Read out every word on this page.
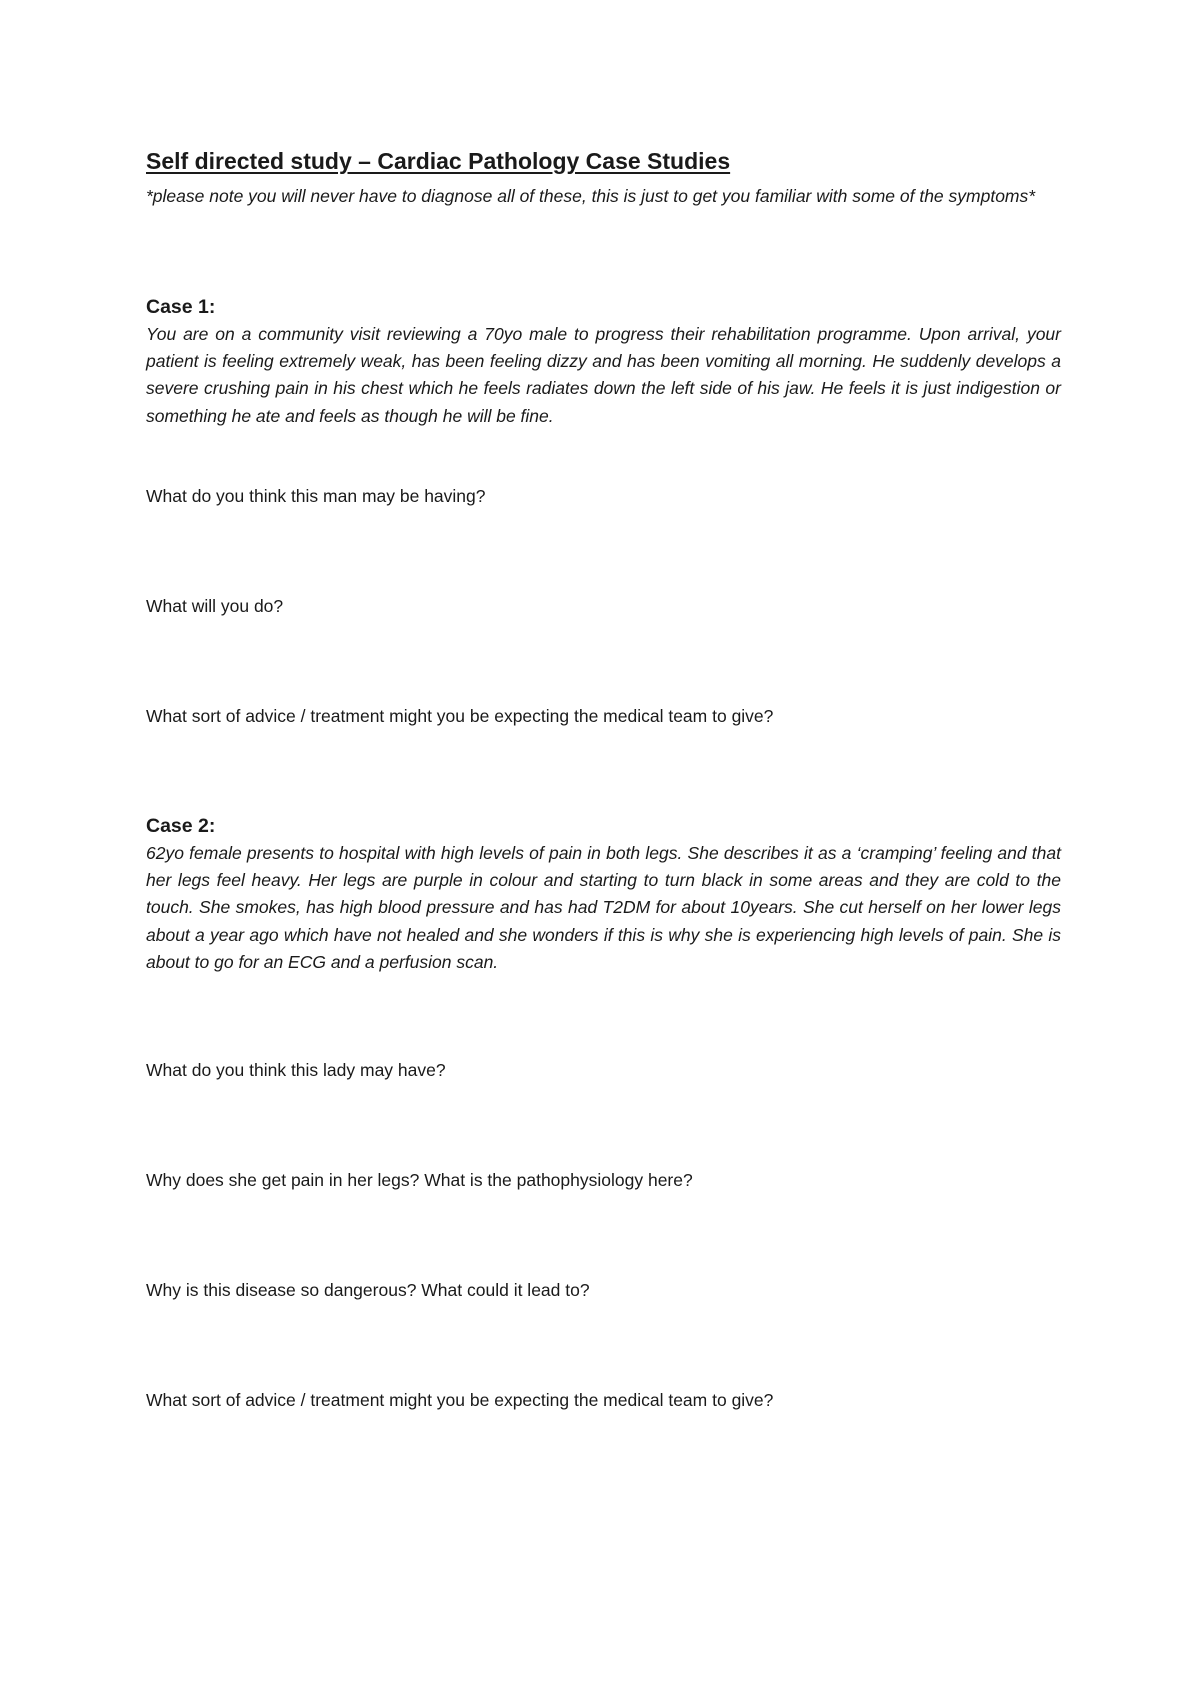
Self directed study – Cardiac Pathology Case Studies

*please note you will never have to diagnose all of these, this is just to get you familiar with some of the symptoms*

Case 1:

You are on a community visit reviewing a 70yo male to progress their rehabilitation programme. Upon arrival, your patient is feeling extremely weak, has been feeling dizzy and has been vomiting all morning. He suddenly develops a severe crushing pain in his chest which he feels radiates down the left side of his jaw. He feels it is just indigestion or something he ate and feels as though he will be fine.

What do you think this man may be having?

What will you do?

What sort of advice / treatment might you be expecting the medical team to give?

Case 2:

62yo female presents to hospital with high levels of pain in both legs. She describes it as a ‘cramping’ feeling and that her legs feel heavy. Her legs are purple in colour and starting to turn black in some areas and they are cold to the touch. She smokes, has high blood pressure and has had T2DM for about 10years. She cut herself on her lower legs about a year ago which have not healed and she wonders if this is why she is experiencing high levels of pain. She is about to go for an ECG and a perfusion scan.

What do you think this lady may have?

Why does she get pain in her legs? What is the pathophysiology here?

Why is this disease so dangerous? What could it lead to?

What sort of advice / treatment might you be expecting the medical team to give?
